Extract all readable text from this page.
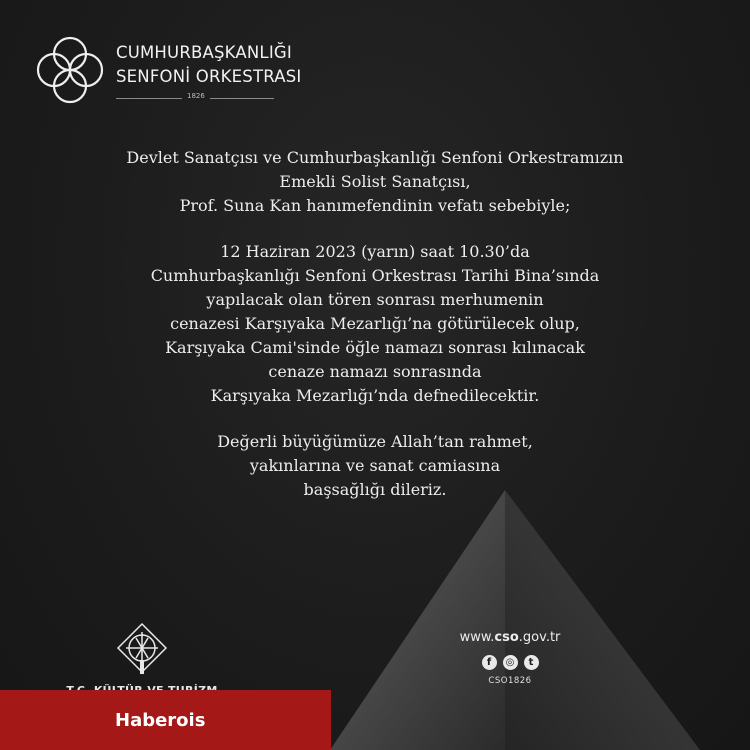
CUMHURBAŞKANLIĞI
SENFONİ ORKESTRASI
1826
Devlet Sanatçısı ve Cumhurbaşkanlığı Senfoni Orkestramızın
Emekli Solist Sanatçısı,
Prof. Suna Kan hanımefendinin vefatı sebebiyle;
12 Haziran 2023 (yarın) saat 10.30’da
Cumhurbaşkanlığı Senfoni Orkestrası Tarihi Bina’sında
yapılacak olan tören sonrası merhumenin
cenazesi Karşıyaka Mezarlığı’na götürülecek olup,
Karşıyaka Cami'sinde öğle namazı sonrası kılınacak
cenaze namazı sonrasında
Karşıyaka Mezarlığı’nda defnedilecektir.
Değerli büyüğümüze Allah’tan rahmet,
yakınlarına ve sanat camiasına
başsağlığı dileriz.
www.cso.gov.tr
f	◎	t
CSO1826
Haberois
